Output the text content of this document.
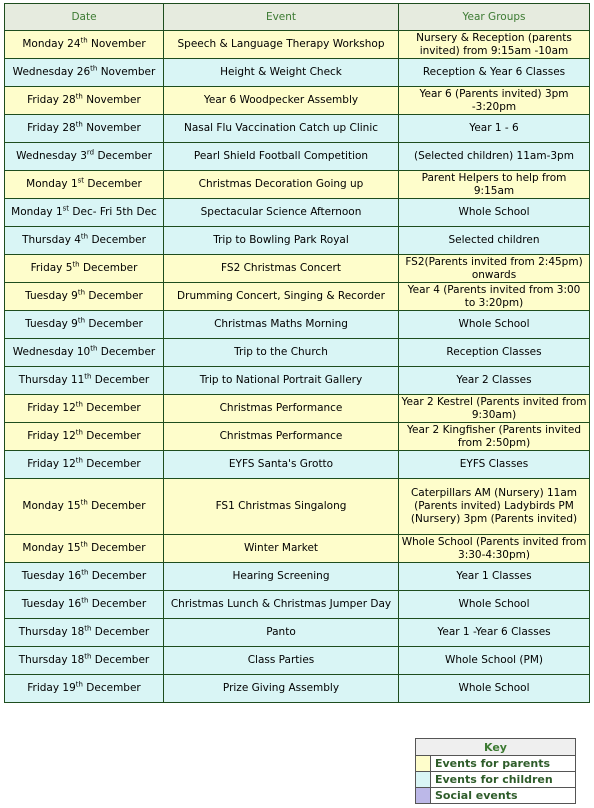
Date	Event	Year Groups
Monday 24th November	Speech & Language Therapy Workshop	Nursery & Reception (parents invited) from 9:15am -10am
Wednesday 26th November	Height & Weight Check	Reception & Year 6 Classes
Friday 28th November	Year 6 Woodpecker Assembly	Year 6 (Parents invited) 3pm -3:20pm
Friday 28th November	Nasal Flu Vaccination Catch up Clinic	Year 1 - 6
Wednesday 3rd December	Pearl Shield Football Competition	(Selected children) 11am-3pm
Monday 1st December	Christmas Decoration Going up	Parent Helpers to help from 9:15am
Monday 1st Dec- Fri 5th Dec	Spectacular Science Afternoon	Whole School
Thursday 4th December	Trip to Bowling Park Royal	Selected children
Friday 5th December	FS2 Christmas Concert	FS2(Parents invited from 2:45pm) onwards
Tuesday 9th December	Drumming Concert, Singing & Recorder	Year 4 (Parents invited from 3:00 to 3:20pm)
Tuesday 9th December	Christmas Maths Morning	Whole School
Wednesday 10th December	Trip to the Church	Reception Classes
Thursday 11th December	Trip to National Portrait Gallery	Year 2 Classes
Friday 12th December	Christmas Performance	Year 2 Kestrel (Parents invited from 9:30am)
Friday 12th December	Christmas Performance	Year 2 Kingfisher (Parents invited from 2:50pm)
Friday 12th December	EYFS Santa's Grotto	EYFS Classes
Monday 15th December	FS1 Christmas Singalong	Caterpillars AM (Nursery) 11am (Parents invited) Ladybirds PM (Nursery) 3pm (Parents invited)
Monday 15th December	Winter Market	Whole School (Parents invited from 3:30-4:30pm)
Tuesday 16th December	Hearing Screening	Year 1 Classes
Tuesday 16th December	Christmas Lunch & Christmas Jumper Day	Whole School
Thursday 18th December	Panto	Year 1 -Year 6 Classes
Thursday 18th December	Class Parties	Whole School (PM)
Friday 19th December	Prize Giving Assembly	Whole School
Key	
	Events for parents
	Events for children
	Social events
